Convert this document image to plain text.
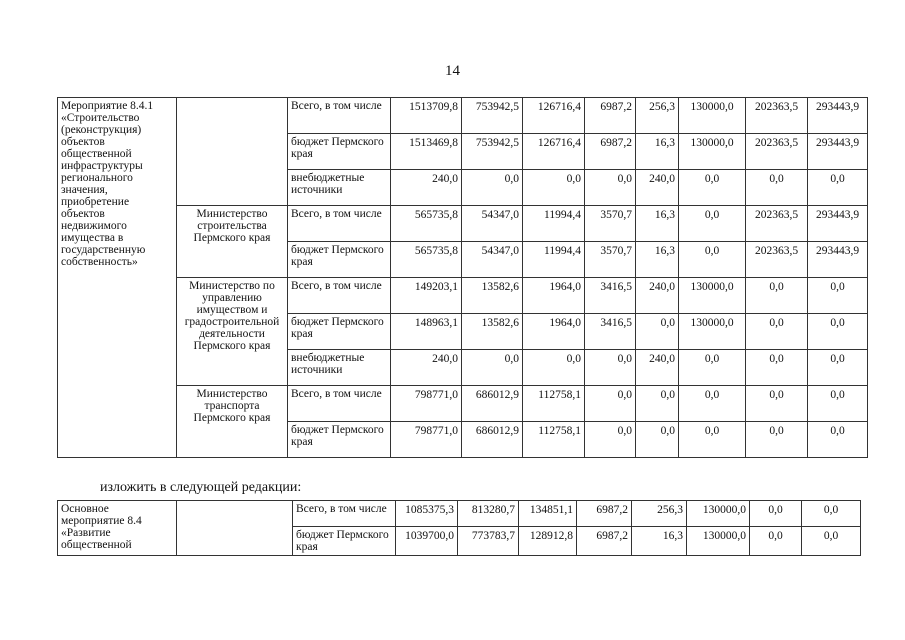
14
Мероприятие 8.4.1 «Строительство (реконструкция) объектов общественной инфраструктуры регионального значения, приобретение объектов недвижимого имущества в государственную собственность»		Всего, в том числе	1513709,8	753942,5	126716,4	6987,2	256,3	130000,0	202363,5	293443,9
		бюджет Пермского края	1513469,8	753942,5	126716,4	6987,2	16,3	130000,0	202363,5	293443,9
		внебюджетные источники	240,0	0,0	0,0	0,0	240,0	0,0	0,0	0,0
	Министерство строительства Пермского края	Всего, в том числе	565735,8	54347,0	11994,4	3570,7	16,3	0,0	202363,5	293443,9
		бюджет Пермского края	565735,8	54347,0	11994,4	3570,7	16,3	0,0	202363,5	293443,9
	Министерство по управлению имуществом и градостроительной деятельности Пермского края	Всего, в том числе	149203,1	13582,6	1964,0	3416,5	240,0	130000,0	0,0	0,0
		бюджет Пермского края	148963,1	13582,6	1964,0	3416,5	0,0	130000,0	0,0	0,0
		внебюджетные источники	240,0	0,0	0,0	0,0	240,0	0,0	0,0	0,0
	Министерство транспорта Пермского края	Всего, в том числе	798771,0	686012,9	112758,1	0,0	0,0	0,0	0,0	0,0
		бюджет Пермского края	798771,0	686012,9	112758,1	0,0	0,0	0,0	0,0	0,0
изложить в следующей редакции:
Основное мероприятие 8.4 «Развитие общественной		Всего, в том числе	1085375,3	813280,7	134851,1	6987,2	256,3	130000,0	0,0	0,0
		бюджет Пермского края	1039700,0	773783,7	128912,8	6987,2	16,3	130000,0	0,0	0,0
